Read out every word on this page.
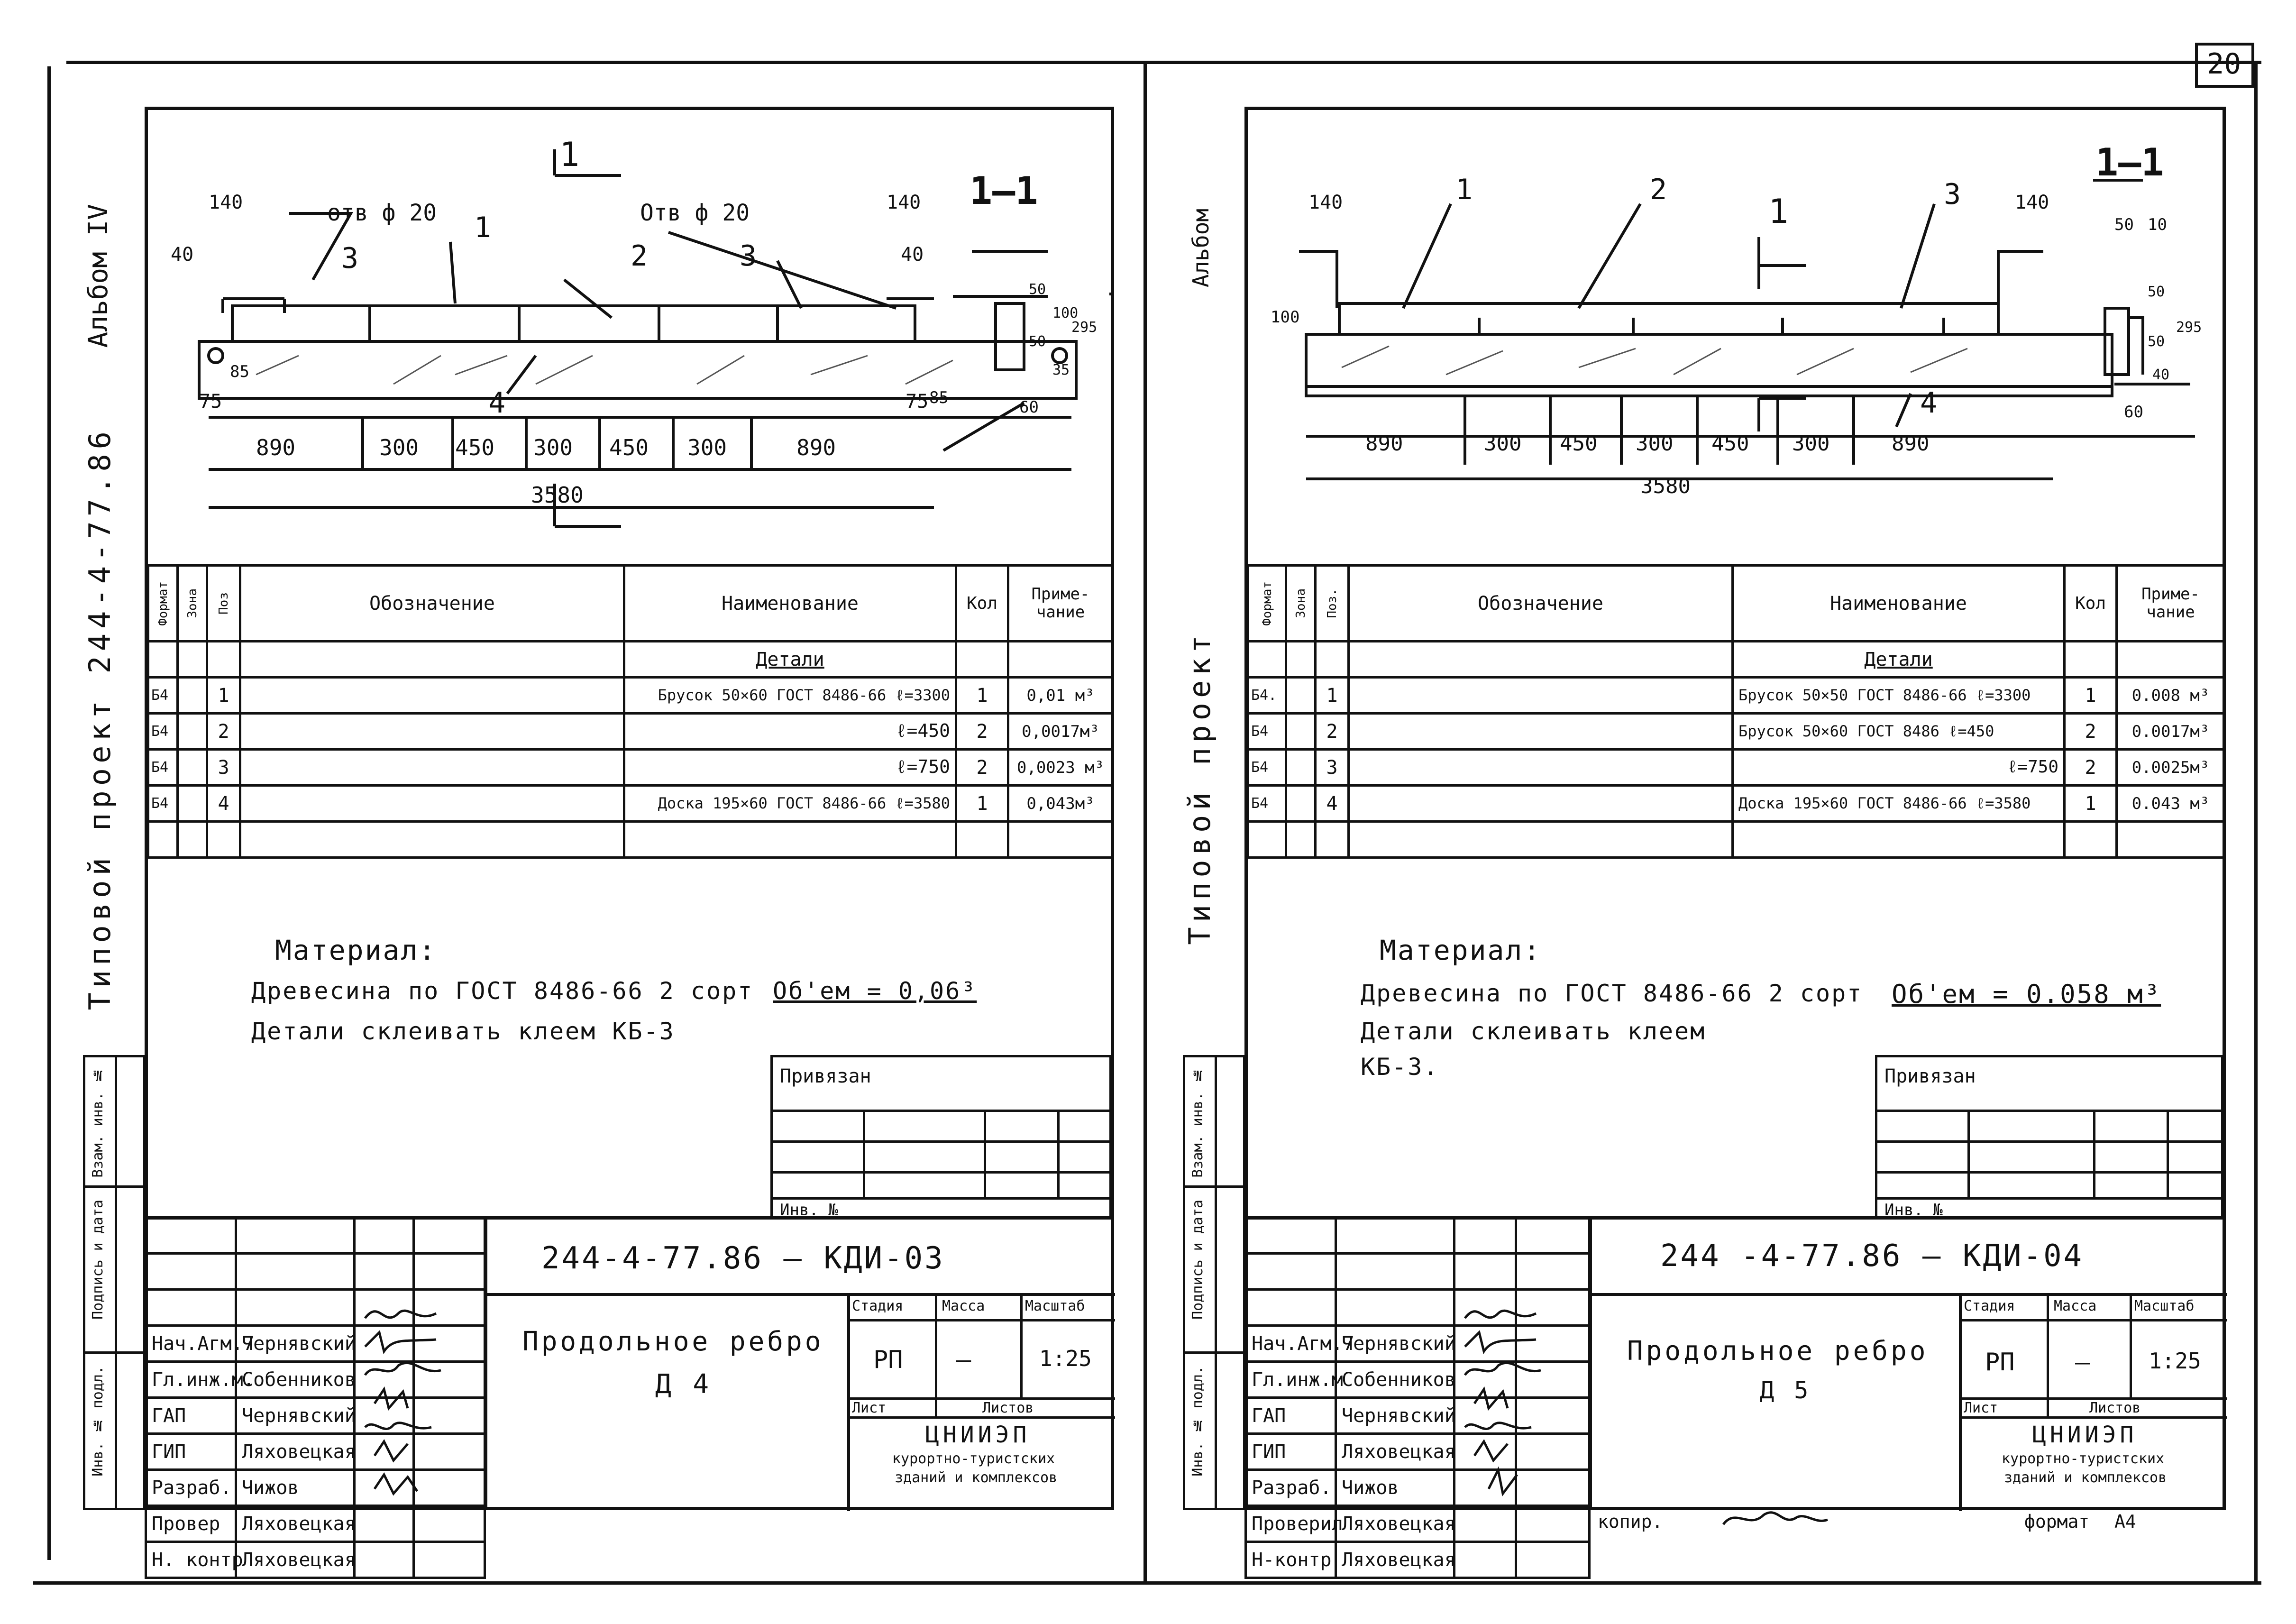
20
копир.	формат А4
Альбом IV
Типовой проект 244-4-77.86
Взам. инв. №
Подпись и дата
Инв. № подл.
1—1
1
отв ф 20	Отв ф 20
1
2
3	3
4
140	140
40	40
75	75
85
85
890	300 450 300 450 300	890
3580
50
50
100
295
60
35
Формат	Зона	Поз	Обозначение	Наименование	Кол	Приме-чание
				Детали		
Б4		1		Брусок 50×60 ГОСТ 8486-66 ℓ=3300	1	0,01 м³
Б4		2		ℓ=450	2	0,0017м³
Б4		3		ℓ=750	2	0,0023 м³
Б4		4		Доска 195×60 ГОСТ 8486-66 ℓ=3580	1	0,043м³

Материал:
Древесина по ГОСТ 8486-66 2 сорт
Детали склеивать клеем КБ-3
Об'ем = 0,06³
Привязан
Инв. №
244-4-77.86 – КДИ-03
Продольное ребро
Д 4
Стадия	Масса	Масштаб
РП —	1:25
Лист	Листов
ЦНИИЭП
курортно-туристских
зданий и комплексов

Нач.Агм.7	Чернявский		
Гл.инж.м.	Собенников		
ГАП	Чернявский		
ГИП	Ляховецкая		
Разраб.	Чижов		
Провер	Ляховецкая		
Н. контр	Ляховецкая		
Альбом
Типовой проект
Взам. инв. №
Подпись и дата
Инв. № подл.
1—1
1
1	2	3
4
140	140
100
890	300 450 300 450 300	890
3580
50 10
50
50
295
40
60
Формат	Зона	Поз.	Обозначение	Наименование	Кол	Приме-чание
				Детали		
Б4.		1		Брусок 50×50 ГОСТ 8486-66 ℓ=3300	1	0.008 м³
Б4		2		Брусок 50×60 ГОСТ 8486 ℓ=450	2	0.0017м³
Б4		3		ℓ=750	2	0.0025м³
Б4		4		Доска 195×60 ГОСТ 8486-66 ℓ=3580	1	0.043 м³

Материал:
Древесина по ГОСТ 8486-66 2 сорт
Детали склеивать клеем
КБ-3.
Об'ем = 0.058 м³
Привязан
Инв. №
244 -4-77.86 – КДИ-04
Продольное ребро
Д 5
Стадия	Масса	Масштаб
РП —	1:25
Лист	Листов
ЦНИИЭП
курортно-туристских
зданий и комплексов

Нач.Агм.7	Чернявский		
Гл.инж.м	Собенников		
ГАП	Чернявский		
ГИП	Ляховецкая		
Разраб.	Чижов		
Проверил	Ляховецкая		
Н-контр	Ляховецкая		
